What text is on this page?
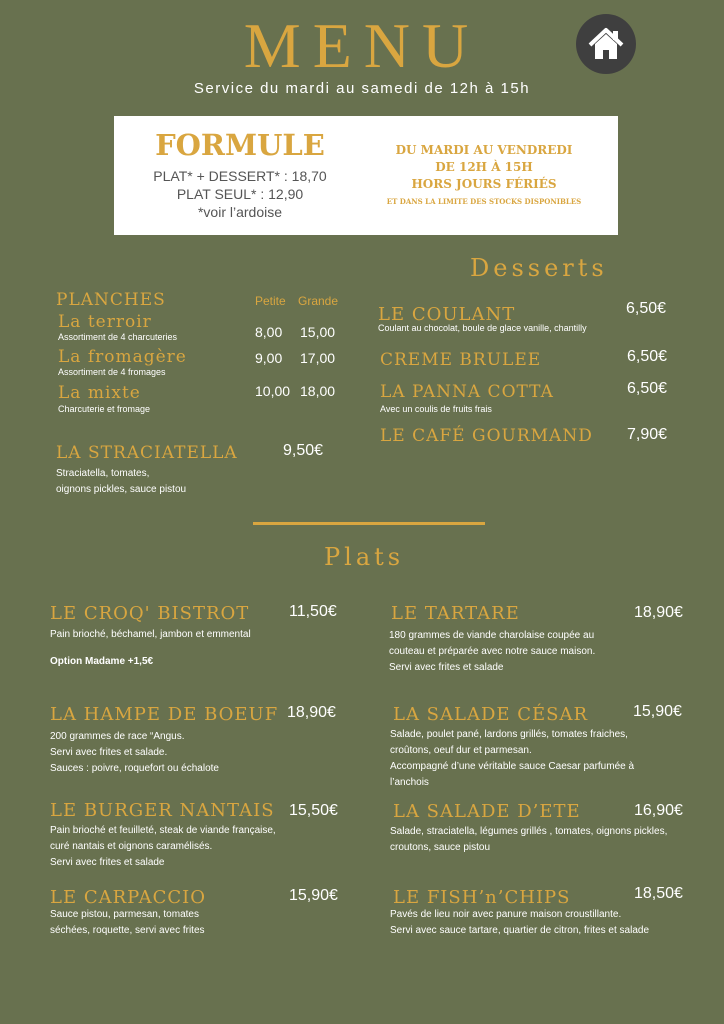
MENU
Service du mardi au samedi de 12h à 15h
FORMULE
PLAT* + DESSERT* : 18,70
PLAT SEUL* : 12,90
*voir l’ardoise
DU MARDI AU VENDREDI
DE 12H À 15H
HORS JOURS FÉRIÉS
ET DANS LA LIMITE DES STOCKS DISPONIBLES
PLANCHES	Petite Grande
La terroir
Assortiment de 4 charcuteries	8,00 15,00
La fromagère
Assortiment de 4 fromages
9,00 17,00
La mixte
Charcuterie et fromage
10,00 18,00
LA STRACIATELLA	9,50€
Straciatella, tomates,
oignons pickles, sauce pistou
Desserts
LE COULANT	6,50€
Coulant au chocolat, boule de glace vanille, chantilly
CREME BRULEE	6,50€
LA PANNA COTTA	6,50€
Avec un coulis de fruits frais
LE CAFÉ GOURMAND 7,90€
Plats
LE CROQ' BISTROT 11,50€
Pain brioché, béchamel, jambon et emmental
Option Madame +1,5€
LA HAMPE DE BOEUF 18,90€
200 grammes de race “Angus.
Servi avec frites et salade.
Sauces : poivre, roquefort ou échalote
LE BURGER NANTAIS 15,50€
Pain brioché et feuilleté, steak de viande française,
curé nantais et oignons caramélisés.
Servi avec frites et salade
LE CARPACCIO	15,90€
Sauce pistou, parmesan, tomates
séchées, roquette, servi avec frites
LE TARTARE	18,90€
180 grammes de viande charolaise coupée au
couteau et préparée avec notre sauce maison.
Servi avec frites et salade
LA SALADE CÉSAR	15,90€
Salade, poulet pané, lardons grillés, tomates fraiches,
croûtons, oeuf dur et parmesan.
Accompagné d’une véritable sauce Caesar parfumée à
l’anchois
LA SALADE D’ETE	16,90€
Salade, straciatella, légumes grillés , tomates, oignons pickles,
croutons, sauce pistou
LE FISH’n’CHIPS	18,50€
Pavés de lieu noir avec panure maison croustillante.
Servi avec sauce tartare, quartier de citron, frites et salade
